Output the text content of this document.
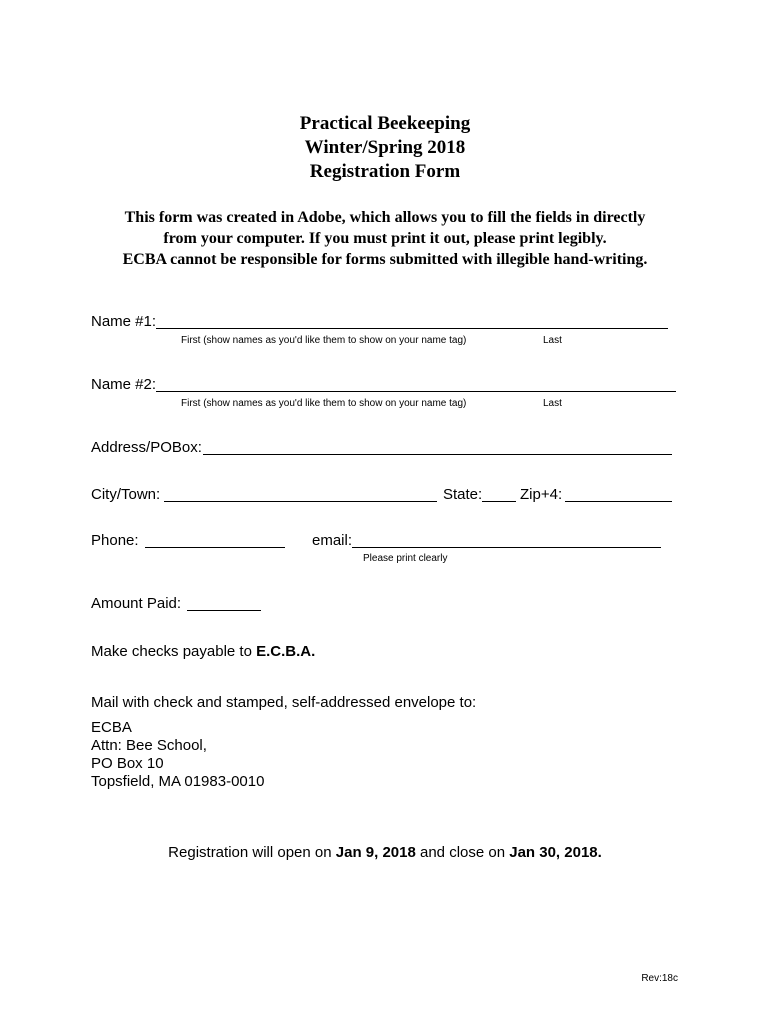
Practical Beekeeping
Winter/Spring 2018
Registration Form
This form was created in Adobe, which allows you to fill the fields in directly
from your computer. If you must print it out, please print legibly.
ECBA cannot be responsible for forms submitted with illegible hand-writing.
Name #1:
First (show names as you'd like them to show on your name tag)	Last
Name #2:
First (show names as you'd like them to show on your name tag)	Last
Address/POBox:
City/Town:	State:	Zip+4:
Phone:	email:
Please print clearly
Amount Paid:
Make checks payable to E.C.B.A.
Mail with check and stamped, self-addressed envelope to:
ECBA
Attn: Bee School,
PO Box 10
Topsfield, MA 01983-0010
Registration will open on Jan 9, 2018 and close on Jan 30, 2018.
Rev:18c
